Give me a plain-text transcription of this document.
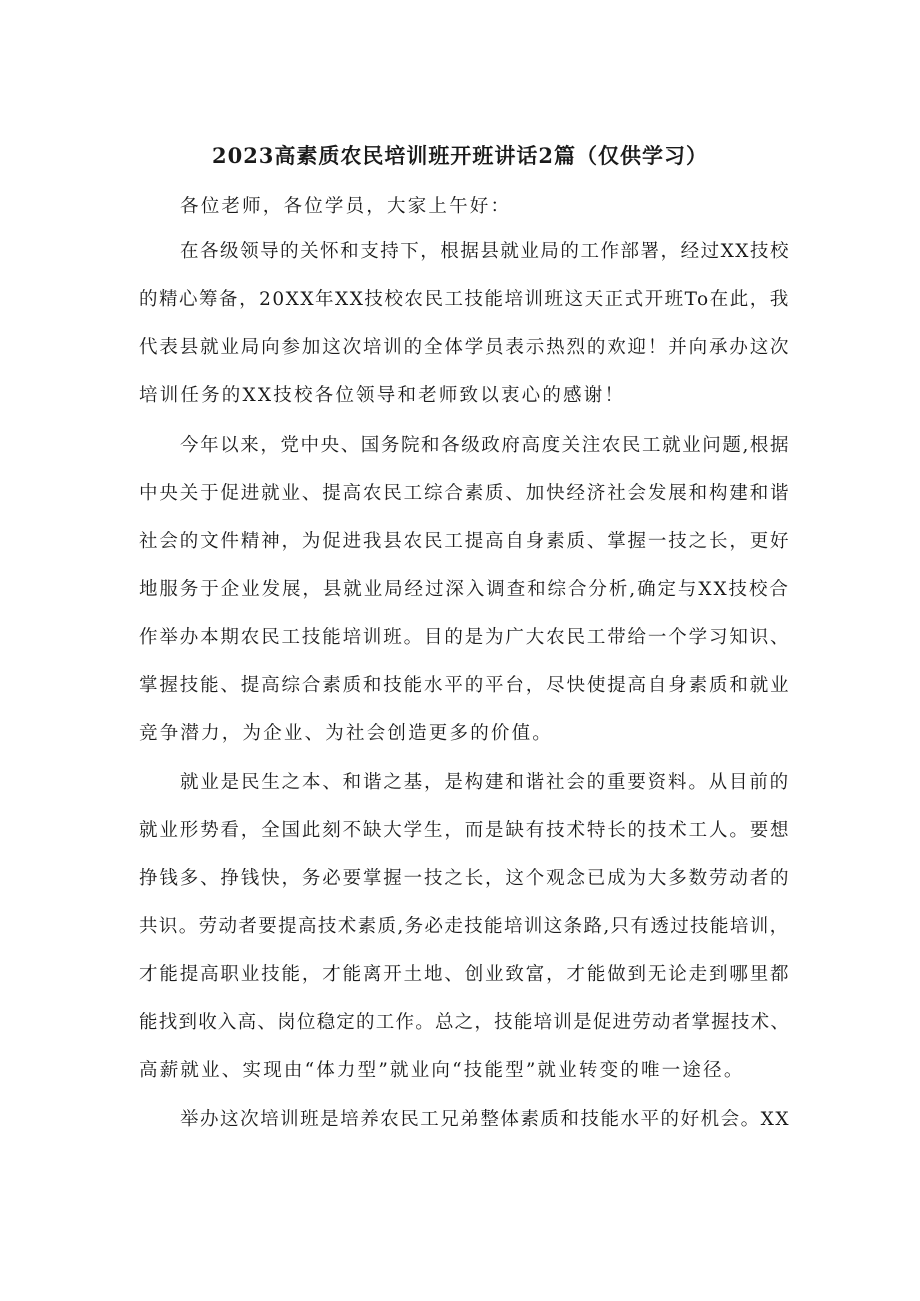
2023高素质农民培训班开班讲话2篇（仅供学习）
各位老师，各位学员，大家上午好：
在各级领导的关怀和支持下，根据县就业局的工作部署，经过XX技校
的精心筹备，20XX年XX技校农民工技能培训班这天正式开班To在此，我
代表县就业局向参加这次培训的全体学员表示热烈的欢迎！并向承办这次
培训任务的XX技校各位领导和老师致以衷心的感谢！
今年以来，党中央、国务院和各级政府高度关注农民工就业问题,根据
中央关于促进就业、提高农民工综合素质、加快经济社会发展和构建和谐
社会的文件精神，为促进我县农民工提高自身素质、掌握一技之长，更好
地服务于企业发展，县就业局经过深入调查和综合分析,确定与XX技校合
作举办本期农民工技能培训班。目的是为广大农民工带给一个学习知识、
掌握技能、提高综合素质和技能水平的平台，尽快使提高自身素质和就业
竞争潜力，为企业、为社会创造更多的价值。
就业是民生之本、和谐之基，是构建和谐社会的重要资料。从目前的
就业形势看，全国此刻不缺大学生，而是缺有技术特长的技术工人。要想
挣钱多、挣钱快，务必要掌握一技之长，这个观念已成为大多数劳动者的
共识。劳动者要提高技术素质,务必走技能培训这条路,只有透过技能培训，
才能提高职业技能，才能离开土地、创业致富，才能做到无论走到哪里都
能找到收入高、岗位稳定的工作。总之，技能培训是促进劳动者掌握技术、
高薪就业、实现由“体力型”就业向“技能型”就业转变的唯一途径。
举办这次培训班是培养农民工兄弟整体素质和技能水平的好机会。XX
